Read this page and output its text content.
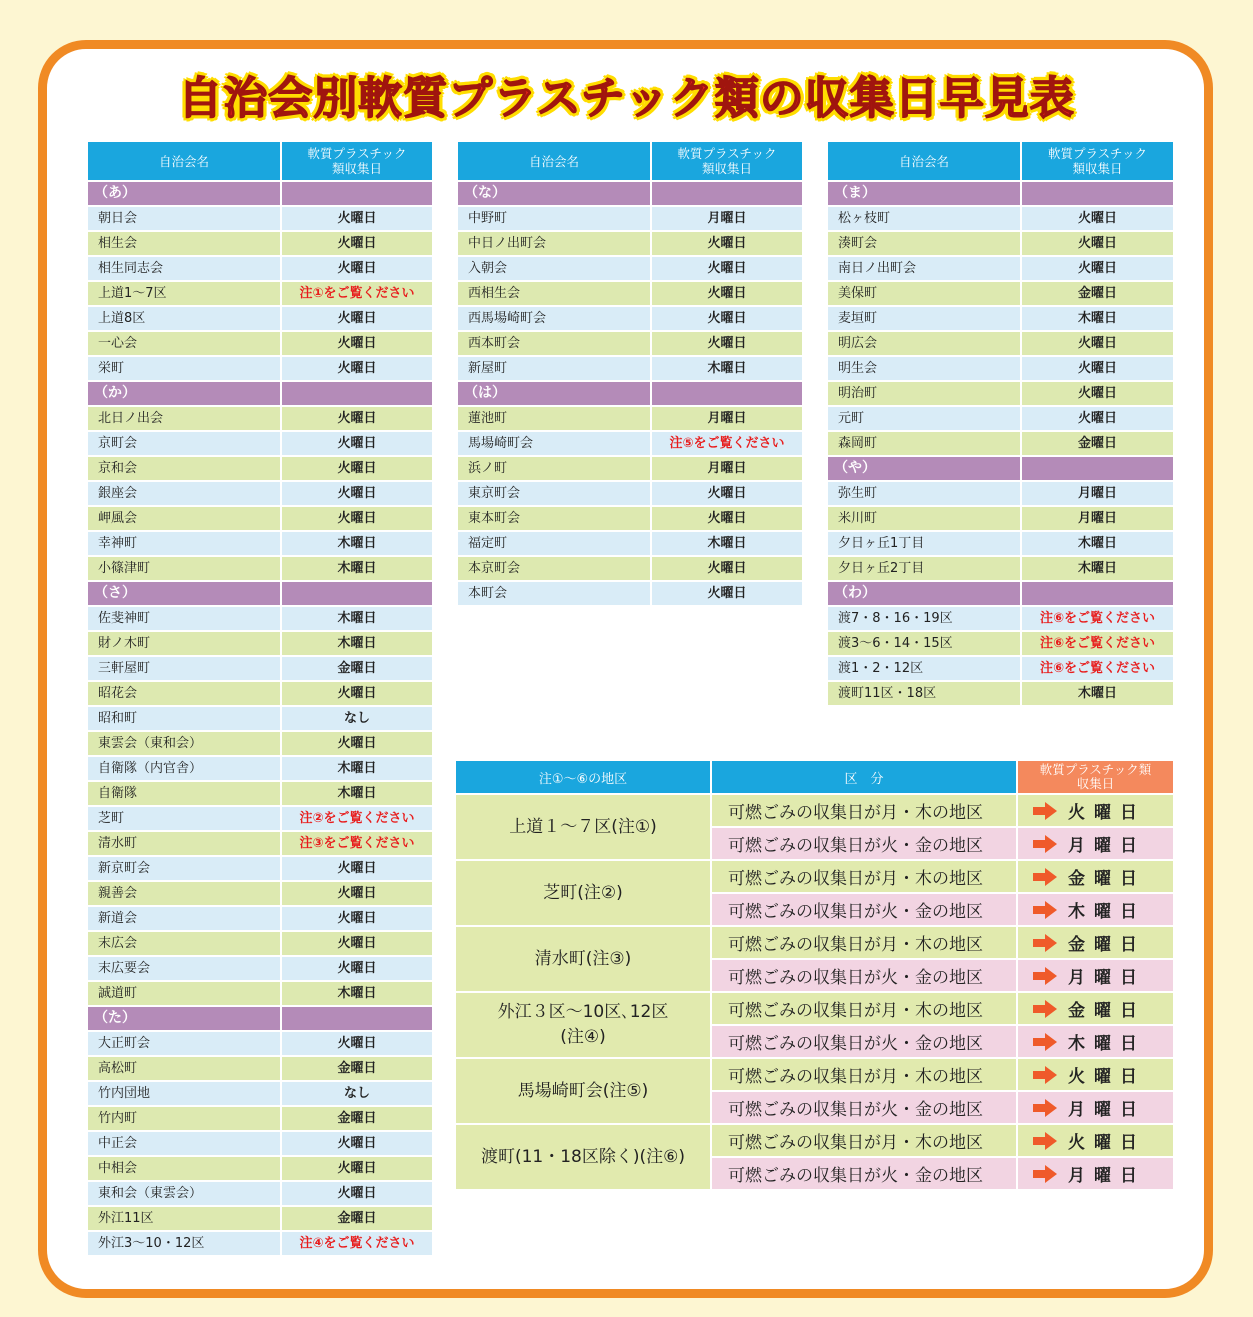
自治会別軟質プラスチック類の収集日早見表
自治会名	軟質プラスチック
類収集日
（あ）	
朝日会	火曜日
相生会	火曜日
相生同志会	火曜日
上道1～7区	注①をご覧ください
上道8区	火曜日
一心会	火曜日
栄町	火曜日
（か）	
北日ノ出会	火曜日
京町会	火曜日
京和会	火曜日
銀座会	火曜日
岬風会	火曜日
幸神町	木曜日
小篠津町	木曜日
（さ）	
佐斐神町	木曜日
財ノ木町	木曜日
三軒屋町	金曜日
昭花会	火曜日
昭和町	なし
東雲会（東和会）	火曜日
自衛隊（内官舎）	木曜日
自衛隊	木曜日
芝町	注②をご覧ください
清水町	注③をご覧ください
新京町会	火曜日
親善会	火曜日
新道会	火曜日
末広会	火曜日
末広要会	火曜日
誠道町	木曜日
（た）	
大正町会	火曜日
高松町	金曜日
竹内団地	なし
竹内町	金曜日
中正会	火曜日
中相会	火曜日
東和会（東雲会）	火曜日
外江11区	金曜日
外江3～10・12区	注④をご覧ください
自治会名	軟質プラスチック
類収集日
（な）	
中野町	月曜日
中日ノ出町会	火曜日
入朝会	火曜日
西相生会	火曜日
西馬場崎町会	火曜日
西本町会	火曜日
新屋町	木曜日
（は）	
蓮池町	月曜日
馬場崎町会	注⑤をご覧ください
浜ノ町	月曜日
東京町会	火曜日
東本町会	火曜日
福定町	木曜日
本京町会	火曜日
本町会	火曜日
自治会名	軟質プラスチック
類収集日
（ま）	
松ヶ枝町	火曜日
湊町会	火曜日
南日ノ出町会	火曜日
美保町	金曜日
麦垣町	木曜日
明広会	火曜日
明生会	火曜日
明治町	火曜日
元町	火曜日
森岡町	金曜日
（や）	
弥生町	月曜日
米川町	月曜日
夕日ヶ丘1丁目	木曜日
夕日ヶ丘2丁目	木曜日
（わ）	
渡7・8・16・19区	注⑥をご覧ください
渡3～6・14・15区	注⑥をご覧ください
渡1・2・12区	注⑥をご覧ください
渡町11区・18区	木曜日
注①～⑥の地区	区　分	軟質プラスチック類
収集日
上道１～７区(注①)	可燃ごみの収集日が月・木の地区	火曜日
	可燃ごみの収集日が火・金の地区	月曜日
芝町(注②)	可燃ごみの収集日が月・木の地区	金曜日
	可燃ごみの収集日が火・金の地区	木曜日
清水町(注③)	可燃ごみの収集日が月・木の地区	金曜日
	可燃ごみの収集日が火・金の地区	月曜日
外江３区～10区､12区
(注④)	可燃ごみの収集日が月・木の地区	金曜日
	可燃ごみの収集日が火・金の地区	木曜日
馬場崎町会(注⑤)	可燃ごみの収集日が月・木の地区	火曜日
	可燃ごみの収集日が火・金の地区	月曜日
渡町(11・18区除く)(注⑥)	可燃ごみの収集日が月・木の地区	火曜日
	可燃ごみの収集日が火・金の地区	月曜日
